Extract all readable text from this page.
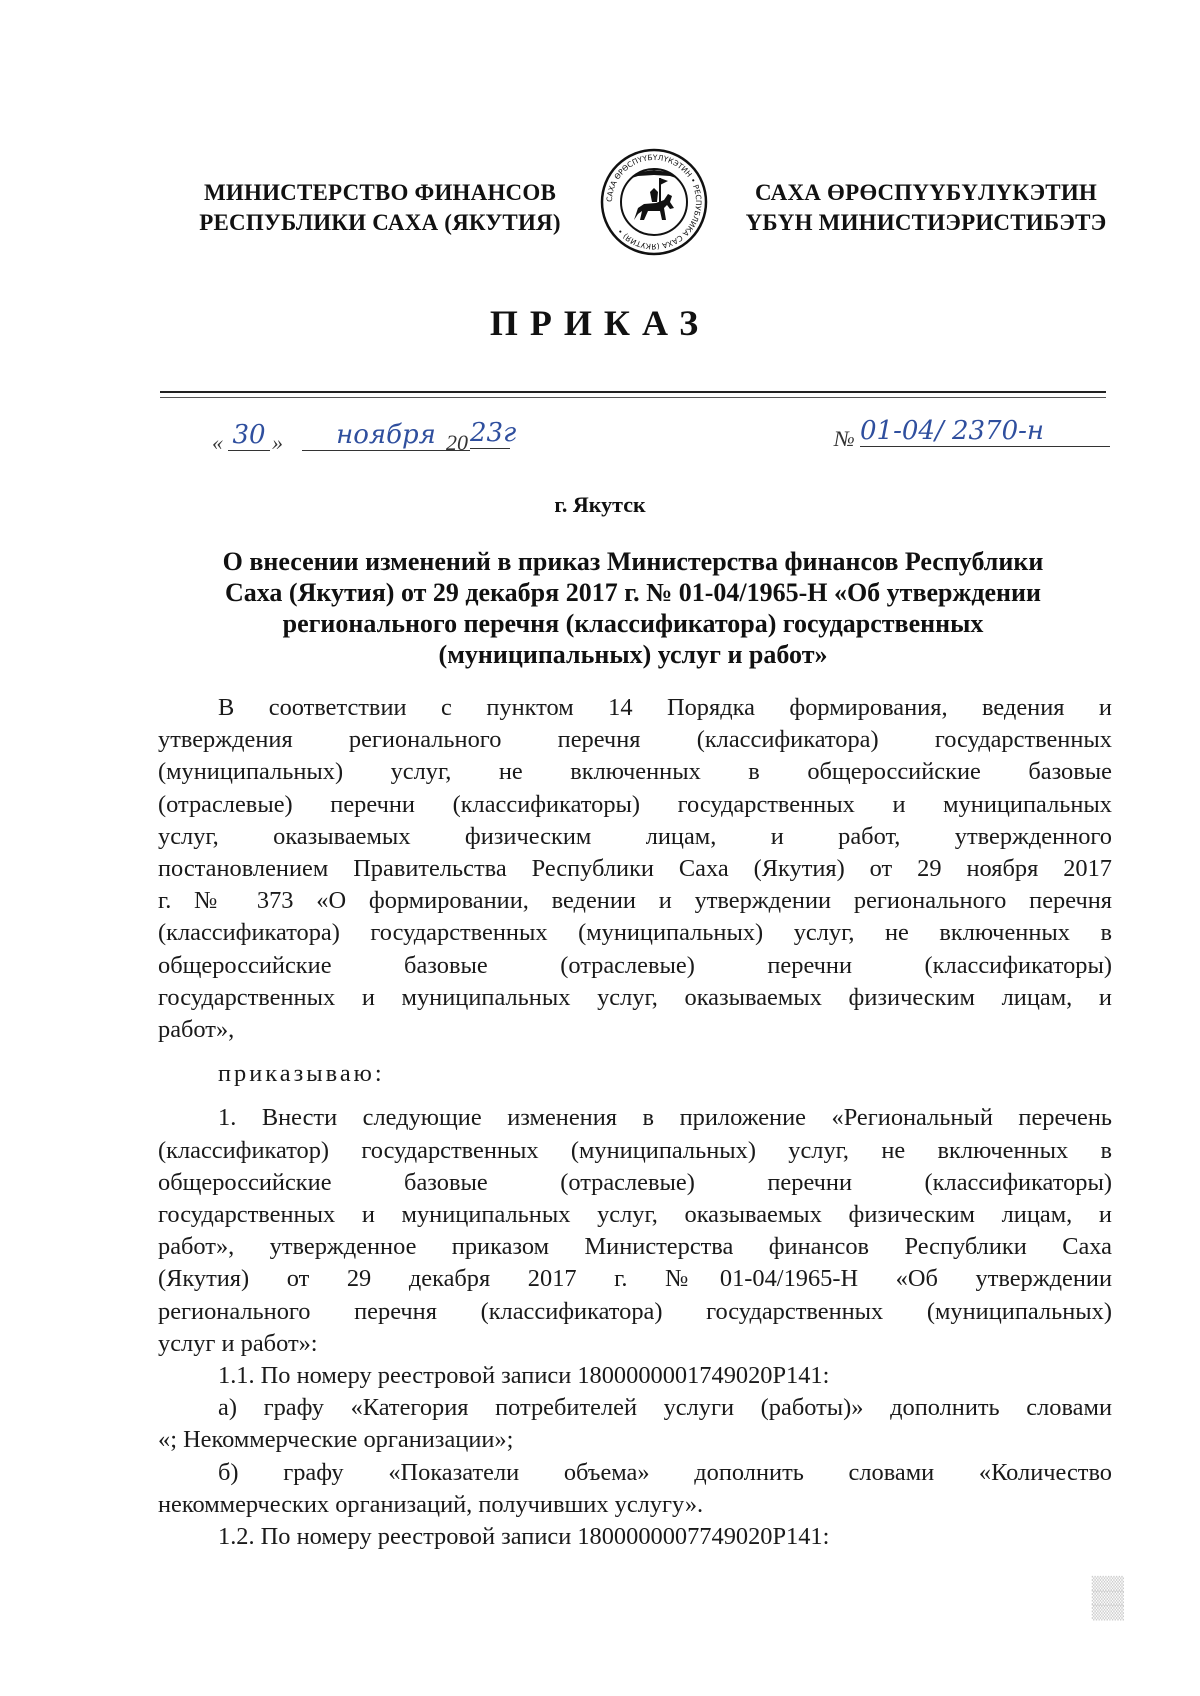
МИНИСТЕРСТВО ФИНАНСОВ
РЕСПУБЛИКИ САХА (ЯКУТИЯ)
САХА ӨРӨСПҮҮБҮЛҮКЭТИН • РЕСПУБЛИКА САХА (ЯКУТИЯ) •
САХА ӨРӨСПҮҮБҮЛҮКЭТИН
ҮБҮН МИНИСТИЭРИСТИБЭТЭ
ПРИКАЗ
« 30 »	ноября 20 23г	№ 01-04/ 2370-н
г. Якутск
О внесении изменений в приказ Министерства финансов Республики
Саха (Якутия) от 29 декабря 2017 г. № 01-04/1965-Н «Об утверждении
регионального перечня (классификатора) государственных
(муниципальных) услуг и работ»
В соответствии с пунктом 14 Порядка формирования, ведения и
утверждения регионального перечня (классификатора) государственных
(муниципальных) услуг, не включенных в общероссийские базовые
(отраслевые) перечни (классификаторы) государственных и муниципальных
услуг, оказываемых физическим лицам, и работ, утвержденного
постановлением Правительства Республики Саха (Якутия) от 29 ноября 2017
г. № 373 «О формировании, ведении и утверждении регионального перечня
(классификатора) государственных (муниципальных) услуг, не включенных в
общероссийские базовые (отраслевые) перечни (классификаторы)
государственных и муниципальных услуг, оказываемых физическим лицам, и
работ»,
приказываю:
1. Внести следующие изменения в приложение «Региональный перечень
(классификатор) государственных (муниципальных) услуг, не включенных в
общероссийские базовые (отраслевые) перечни (классификаторы)
государственных и муниципальных услуг, оказываемых физическим лицам, и
работ», утвержденное приказом Министерства финансов Республики Саха
(Якутия) от 29 декабря 2017 г. №01-04/1965-Н «Об утверждении
регионального перечня (классификатора) государственных (муниципальных)
услуг и работ»:
1.1. По номеру реестровой записи 1800000001749020Р141:
а) графу «Категория потребителей услуги (работы)» дополнить словами
«; Некоммерческие организации»;
б) графу «Показатели объема» дополнить словами «Количество
некоммерческих организаций, получивших услугу».
1.2. По номеру реестровой записи 1800000007749020Р141:
▒▒▒
▒▒▒
▒▒▒
